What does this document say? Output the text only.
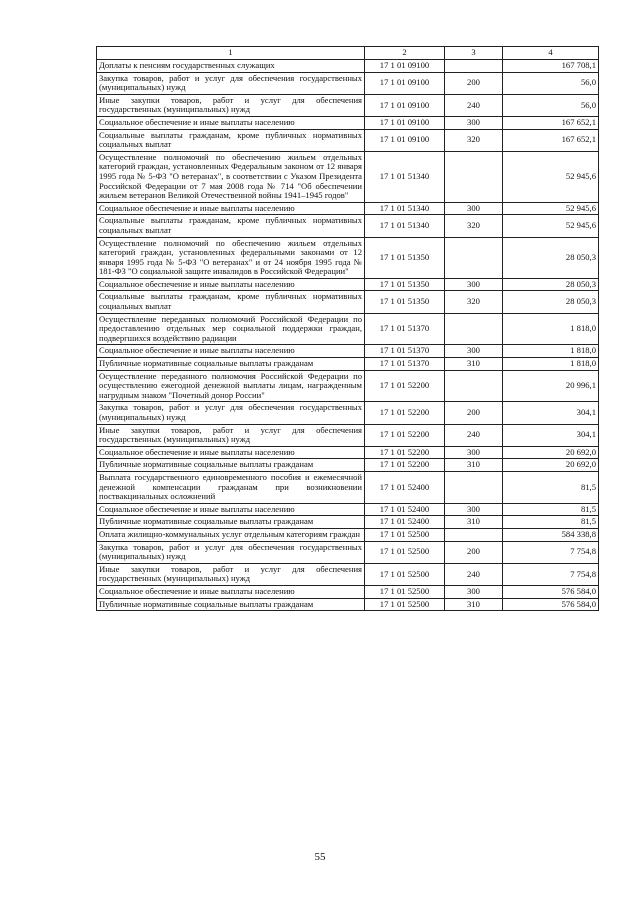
1	2	3	4
Доплаты к пенсиям государственных служащих	17 1 01 09100		167 708,1
Закупка товаров, работ и услуг для обеспечения государственных (муниципальных) нужд	17 1 01 09100	200	56,0
Иные закупки товаров, работ и услуг для обеспечения государственных (муниципальных) нужд	17 1 01 09100	240	56,0
Социальное обеспечение и иные выплаты населению	17 1 01 09100	300	167 652,1
Социальные выплаты гражданам, кроме публичных нормативных социальных выплат	17 1 01 09100	320	167 652,1
Осуществление полномочий по обеспечению жильем отдельных категорий граждан, установленных Федеральным законом от 12 января 1995 года № 5-ФЗ "О ветеранах", в соответствии с Указом Президента Российской Федерации от 7 мая 2008 года № 714 "Об обеспечении жильем ветеранов Великой Отечественной войны 1941–1945 годов"	17 1 01 51340		52 945,6
Социальное обеспечение и иные выплаты населению	17 1 01 51340	300	52 945,6
Социальные выплаты гражданам, кроме публичных нормативных социальных выплат	17 1 01 51340	320	52 945,6
Осуществление полномочий по обеспечению жильем отдельных категорий граждан, установленных федеральными законами от 12 января 1995 года № 5-ФЗ "О ветеранах" и от 24 ноября 1995 года № 181-ФЗ "О социальной защите инвалидов в Российской Федерации"	17 1 01 51350		28 050,3
Социальное обеспечение и иные выплаты населению	17 1 01 51350	300	28 050,3
Социальные выплаты гражданам, кроме публичных нормативных социальных выплат	17 1 01 51350	320	28 050,3
Осуществление переданных полномочий Российской Федерации по предоставлению отдельных мер социальной поддержки граждан, подвергшихся воздействию радиации	17 1 01 51370		1 818,0
Социальное обеспечение и иные выплаты населению	17 1 01 51370	300	1 818,0
Публичные нормативные социальные выплаты гражданам	17 1 01 51370	310	1 818,0
Осуществление переданного полномочия Российской Федерации по осуществлению ежегодной денежной выплаты лицам, награжденным нагрудным знаком "Почетный донор России"	17 1 01 52200		20 996,1
Закупка товаров, работ и услуг для обеспечения государственных (муниципальных) нужд	17 1 01 52200	200	304,1
Иные закупки товаров, работ и услуг для обеспечения государственных (муниципальных) нужд	17 1 01 52200	240	304,1
Социальное обеспечение и иные выплаты населению	17 1 01 52200	300	20 692,0
Публичные нормативные социальные выплаты гражданам	17 1 01 52200	310	20 692,0
Выплата государственного единовременного пособия и ежемесячной денежной компенсации гражданам при возникновении поствакцинальных осложнений	17 1 01 52400		81,5
Социальное обеспечение и иные выплаты населению	17 1 01 52400	300	81,5
Публичные нормативные социальные выплаты гражданам	17 1 01 52400	310	81,5
Оплата жилищно-коммунальных услуг отдельным категориям граждан	17 1 01 52500		584 338,8
Закупка товаров, работ и услуг для обеспечения государственных (муниципальных) нужд	17 1 01 52500	200	7 754,8
Иные закупки товаров, работ и услуг для обеспечения государственных (муниципальных) нужд	17 1 01 52500	240	7 754,8
Социальное обеспечение и иные выплаты населению	17 1 01 52500	300	576 584,0
Публичные нормативные социальные выплаты гражданам	17 1 01 52500	310	576 584,0
55
